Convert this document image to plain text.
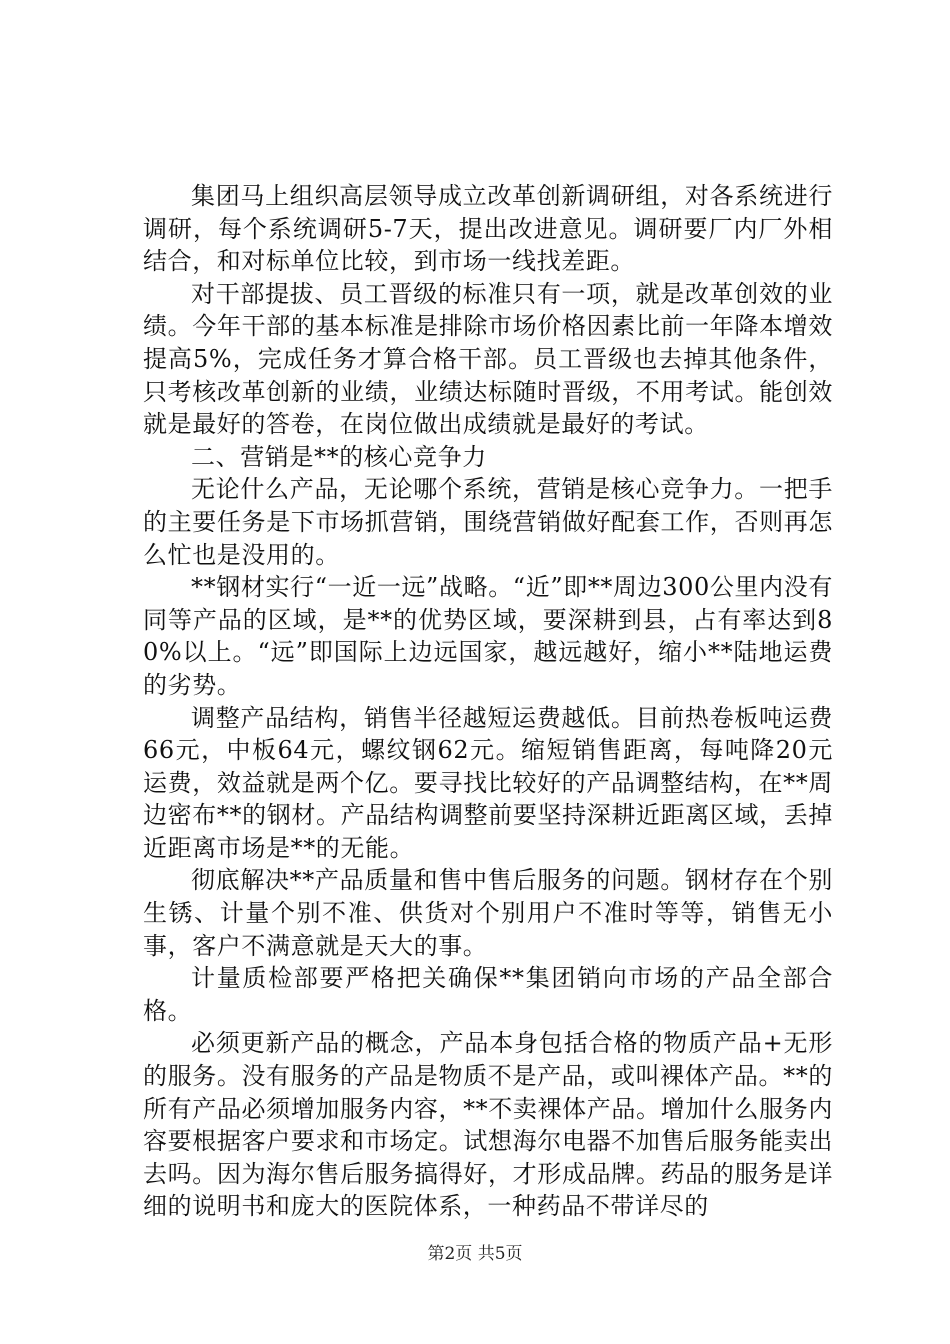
集团马上组织高层领导成立改革创新调研组，对各系统进行调研，每个系统调研5-7天，提出改进意见。调研要厂内厂外相结合，和对标单位比较，到市场一线找差距。

对干部提拔、员工晋级的标准只有一项，就是改革创效的业绩。今年干部的基本标准是排除市场价格因素比前一年降本增效提高5%，完成任务才算合格干部。员工晋级也去掉其他条件，只考核改革创新的业绩，业绩达标随时晋级，不用考试。能创效就是最好的答卷，在岗位做出成绩就是最好的考试。

二、营销是**的核心竞争力

无论什么产品，无论哪个系统，营销是核心竞争力。一把手的主要任务是下市场抓营销，围绕营销做好配套工作，否则再怎么忙也是没用的。

**钢材实行“一近一远”战略。“近”即**周边300公里内没有同等产品的区域，是**的优势区域，要深耕到县，占有率达到80%以上。“远”即国际上边远国家，越远越好，缩小**陆地运费的劣势。

调整产品结构，销售半径越短运费越低。目前热卷板吨运费66元，中板64元，螺纹钢62元。缩短销售距离，每吨降20元运费，效益就是两个亿。要寻找比较好的产品调整结构，在**周边密布**的钢材。产品结构调整前要坚持深耕近距离区域，丢掉近距离市场是**的无能。

彻底解决**产品质量和售中售后服务的问题。钢材存在个别生锈、计量个别不准、供货对个别用户不准时等等，销售无小事，客户不满意就是天大的事。

计量质检部要严格把关确保**集团销向市场的产品全部合格。

必须更新产品的概念，产品本身包括合格的物质产品+无形的服务。没有服务的产品是物质不是产品，或叫裸体产品。**的所有产品必须增加服务内容，**不卖裸体产品。增加什么服务内容要根据客户要求和市场定。试想海尔电器不加售后服务能卖出去吗。因为海尔售后服务搞得好，才形成品牌。药品的服务是详细的说明书和庞大的医院体系，一种药品不带详尽的

第2页 共5页
